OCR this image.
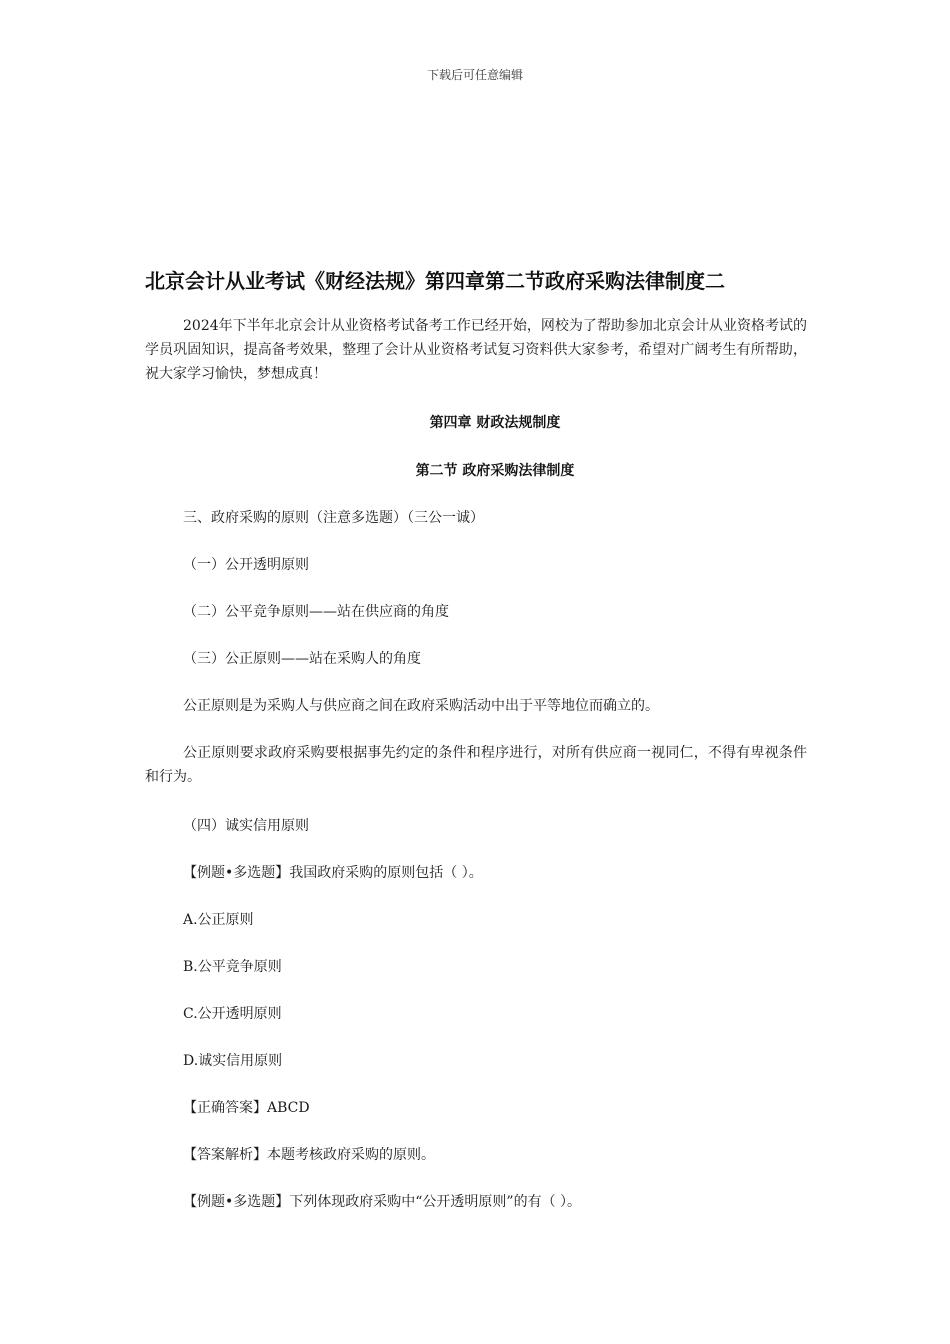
下载后可任意编辑
北京会计从业考试《财经法规》第四章第二节政府采购法律制度二
2024年下半年北京会计从业资格考试备考工作已经开始，网校为了帮助参加北京会计从业资格考试的学员巩固知识，提高备考效果，整理了会计从业资格考试复习资料供大家参考，希望对广阔考生有所帮助，祝大家学习愉快，梦想成真！
第四章 财政法规制度
第二节 政府采购法律制度
三、政府采购的原则（注意多选题）（三公一诚）
（一）公开透明原则
（二）公平竞争原则——站在供应商的角度
（三）公正原则——站在采购人的角度
公正原则是为采购人与供应商之间在政府采购活动中出于平等地位而确立的。
公正原则要求政府采购要根据事先约定的条件和程序进行，对所有供应商一视同仁，不得有卑视条件和行为。
（四）诚实信用原则
【例题•多选题】我国政府采购的原则包括（ ）。
A.公正原则
B.公平竞争原则
C.公开透明原则
D.诚实信用原则
【正确答案】ABCD
【答案解析】本题考核政府采购的原则。
【例题•多选题】下列体现政府采购中“公开透明原则”的有（ ）。
